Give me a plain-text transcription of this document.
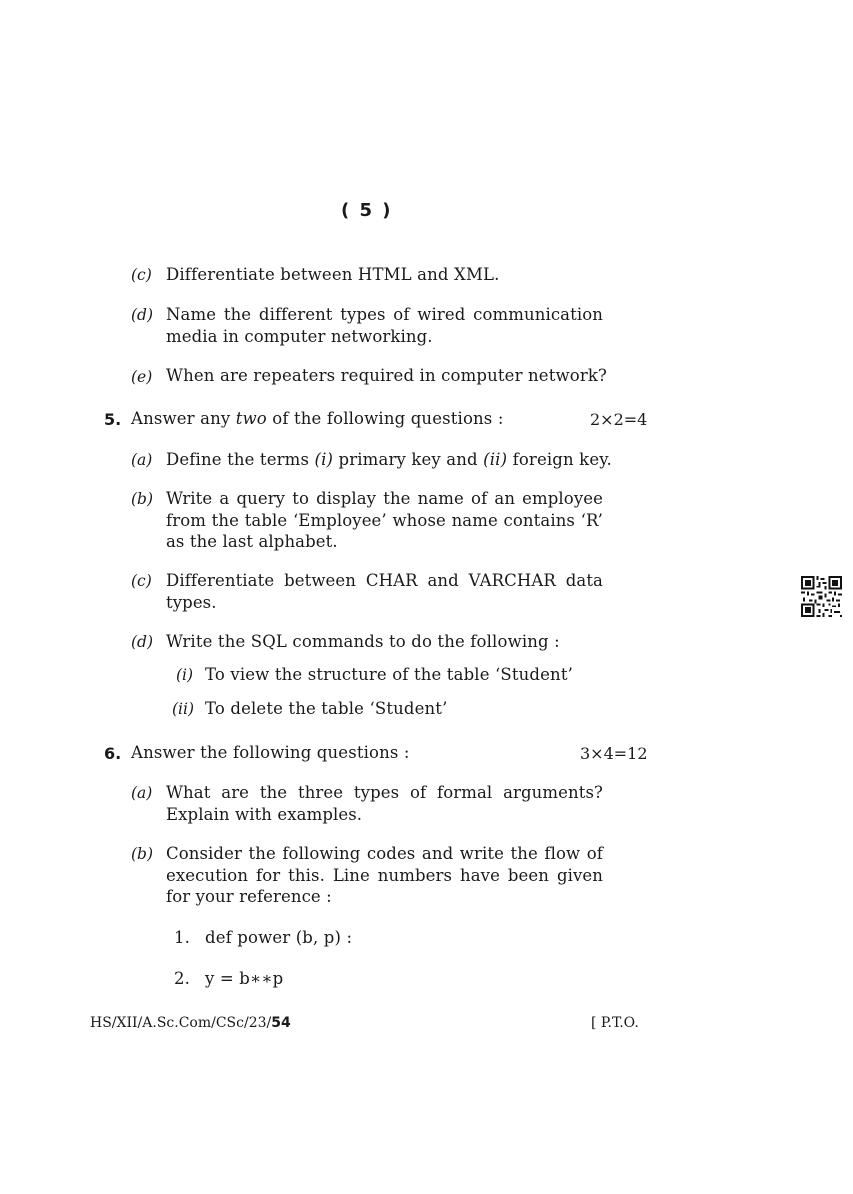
( 5 )
(c) Differentiate between HTML and XML.
(d) Name the different types of wired communication media in computer networking.
(e) When are repeaters required in computer network?
5. Answer any two of the following questions :	2×2=4
(a) Define the terms (i) primary key and (ii) foreign key.
(b) Write a query to display the name of an employee from the table ‘Employee’ whose name contains ‘R’ as the last alphabet.
(c) Differentiate between CHAR and VARCHAR data types.
(d) Write the SQL commands to do the following :
(i) To view the structure of the table ‘Student’
(ii) To delete the table ‘Student’
6. Answer the following questions :	3×4=12
(a) What are the three types of formal arguments? Explain with examples.
(b) Consider the following codes and write the flow of execution for this. Line numbers have been given for your reference :
1. def power (b, p) :
2. y = b∗∗p
HS/XII/A.Sc.Com/CSc/23/54	[ P.T.O.
